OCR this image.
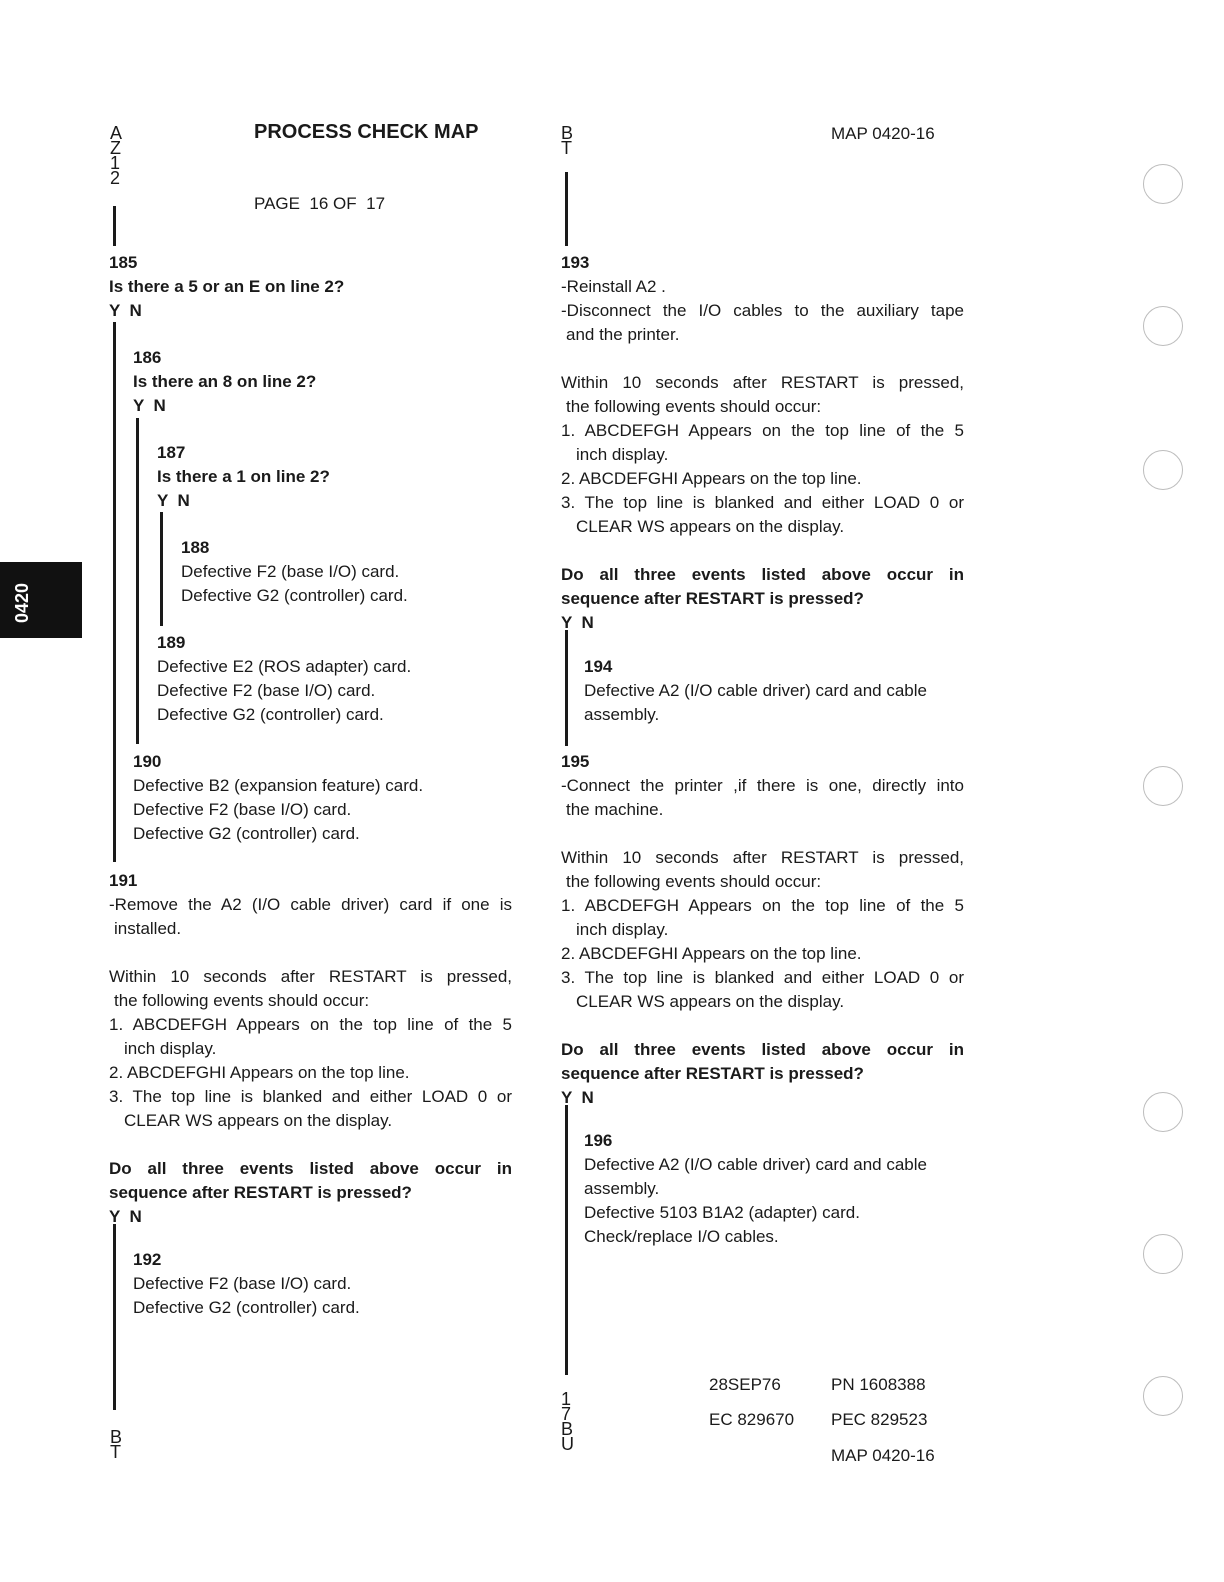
A
Z
1
2
PROCESS CHECK MAP
PAGE  16 OF  17
B
T
MAP 0420-16
185
Is there a 5 or an E on line 2?
Y  N
186
Is there an 8 on line 2?
Y  N
187
Is there a 1 on line 2?
Y  N
188
Defective F2 (base I/O) card.
Defective G2 (controller) card.
189
Defective E2 (ROS adapter) card.
Defective F2 (base I/O) card.
Defective G2 (controller) card.
190
Defective B2 (expansion feature) card.
Defective F2 (base I/O) card.
Defective G2 (controller) card.
191
-Remove the A2 (I/O cable driver) card if one is
installed.
Within 10 seconds after RESTART is pressed,
the following events should occur:
1. ABCDEFGH Appears on the top line of the 5
inch display.
2. ABCDEFGHI Appears on the top line.
3. The top line is blanked and either LOAD 0 or
CLEAR WS appears on the display.
Do all three events listed above occur in
sequence after RESTART is pressed?
Y  N
192
Defective F2 (base I/O) card.
Defective G2 (controller) card.
B
T
193
-Reinstall A2 .
-Disconnect the I/O cables to the auxiliary tape
and the printer.
Within 10 seconds after RESTART is pressed,
the following events should occur:
1. ABCDEFGH Appears on the top line of the 5
inch display.
2. ABCDEFGHI Appears on the top line.
3. The top line is blanked and either LOAD 0 or
CLEAR WS appears on the display.
Do all three events listed above occur in
sequence after RESTART is pressed?
Y  N
194
Defective A2 (I/O cable driver) card and cable
assembly.
195
-Connect the printer ,if there is one, directly into
the machine.
Within 10 seconds after RESTART is pressed,
the following events should occur:
1. ABCDEFGH Appears on the top line of the 5
inch display.
2. ABCDEFGHI Appears on the top line.
3. The top line is blanked and either LOAD 0 or
CLEAR WS appears on the display.
Do all three events listed above occur in
sequence after RESTART is pressed?
Y  N
196
Defective A2 (I/O cable driver) card and cable
assembly.
Defective 5103 B1A2 (adapter) card.
Check/replace I/O cables.
1
7
B
U
28SEP76	PN 1608388
EC 829670 PEC 829523
MAP 0420-16
0420
